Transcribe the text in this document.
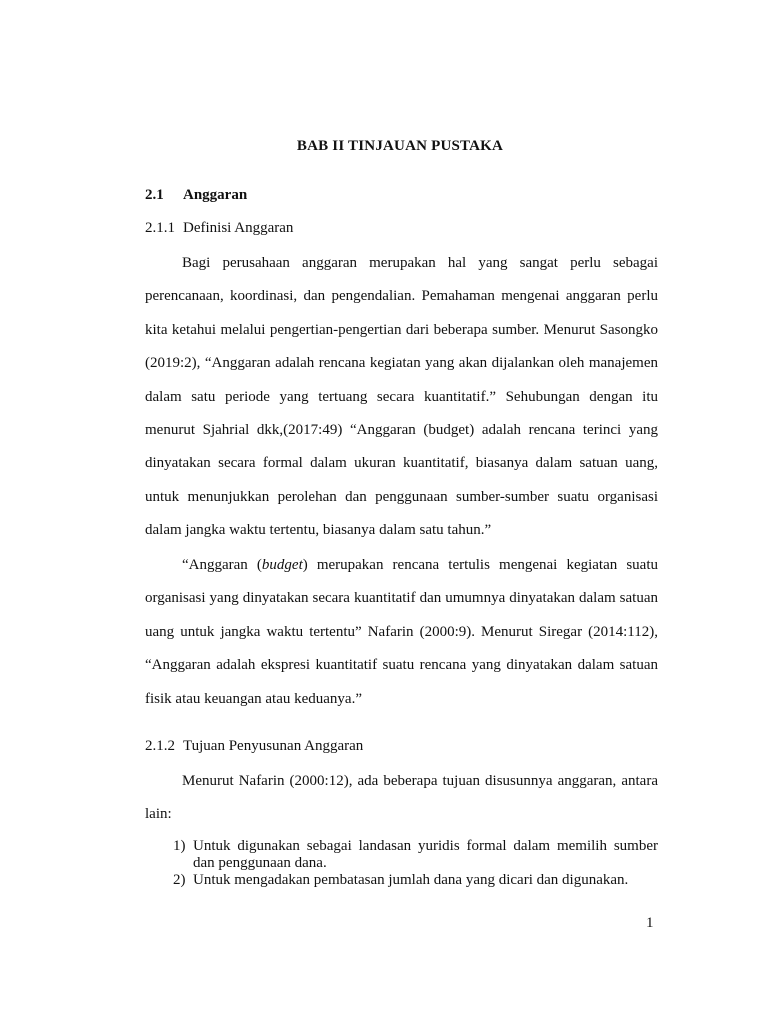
BAB II TINJAUAN PUSTAKA
2.1 Anggaran
2.1.1 Definisi Anggaran

Bagi perusahaan anggaran merupakan hal yang sangat perlu sebagai perencanaan, koordinasi, dan pengendalian. Pemahaman mengenai anggaran perlu kita ketahui melalui pengertian-pengertian dari beberapa sumber. Menurut Sasongko (2019:2), “Anggaran adalah rencana kegiatan yang akan dijalankan oleh manajemen dalam satu periode yang tertuang secara kuantitatif.” Sehubungan dengan itu menurut Sjahrial dkk,(2017:49) “Anggaran (budget) adalah rencana terinci yang dinyatakan secara formal dalam ukuran kuantitatif, biasanya dalam satuan uang, untuk menunjukkan perolehan dan penggunaan sumber-sumber suatu organisasi dalam jangka waktu tertentu, biasanya dalam satu tahun.”

“Anggaran (budget) merupakan rencana tertulis mengenai kegiatan suatu organisasi yang dinyatakan secara kuantitatif dan umumnya dinyatakan dalam satuan uang untuk jangka waktu tertentu” Nafarin (2000:9). Menurut Siregar (2014:112), “Anggaran adalah ekspresi kuantitatif suatu rencana yang dinyatakan dalam satuan fisik atau keuangan atau keduanya.”

2.1.2 Tujuan Penyusunan Anggaran

Menurut Nafarin (2000:12), ada beberapa tujuan disusunnya anggaran, antara lain:

1) Untuk digunakan sebagai landasan yuridis formal dalam memilih sumber dan penggunaan dana.
2) Untuk mengadakan pembatasan jumlah dana yang dicari dan digunakan.
1
